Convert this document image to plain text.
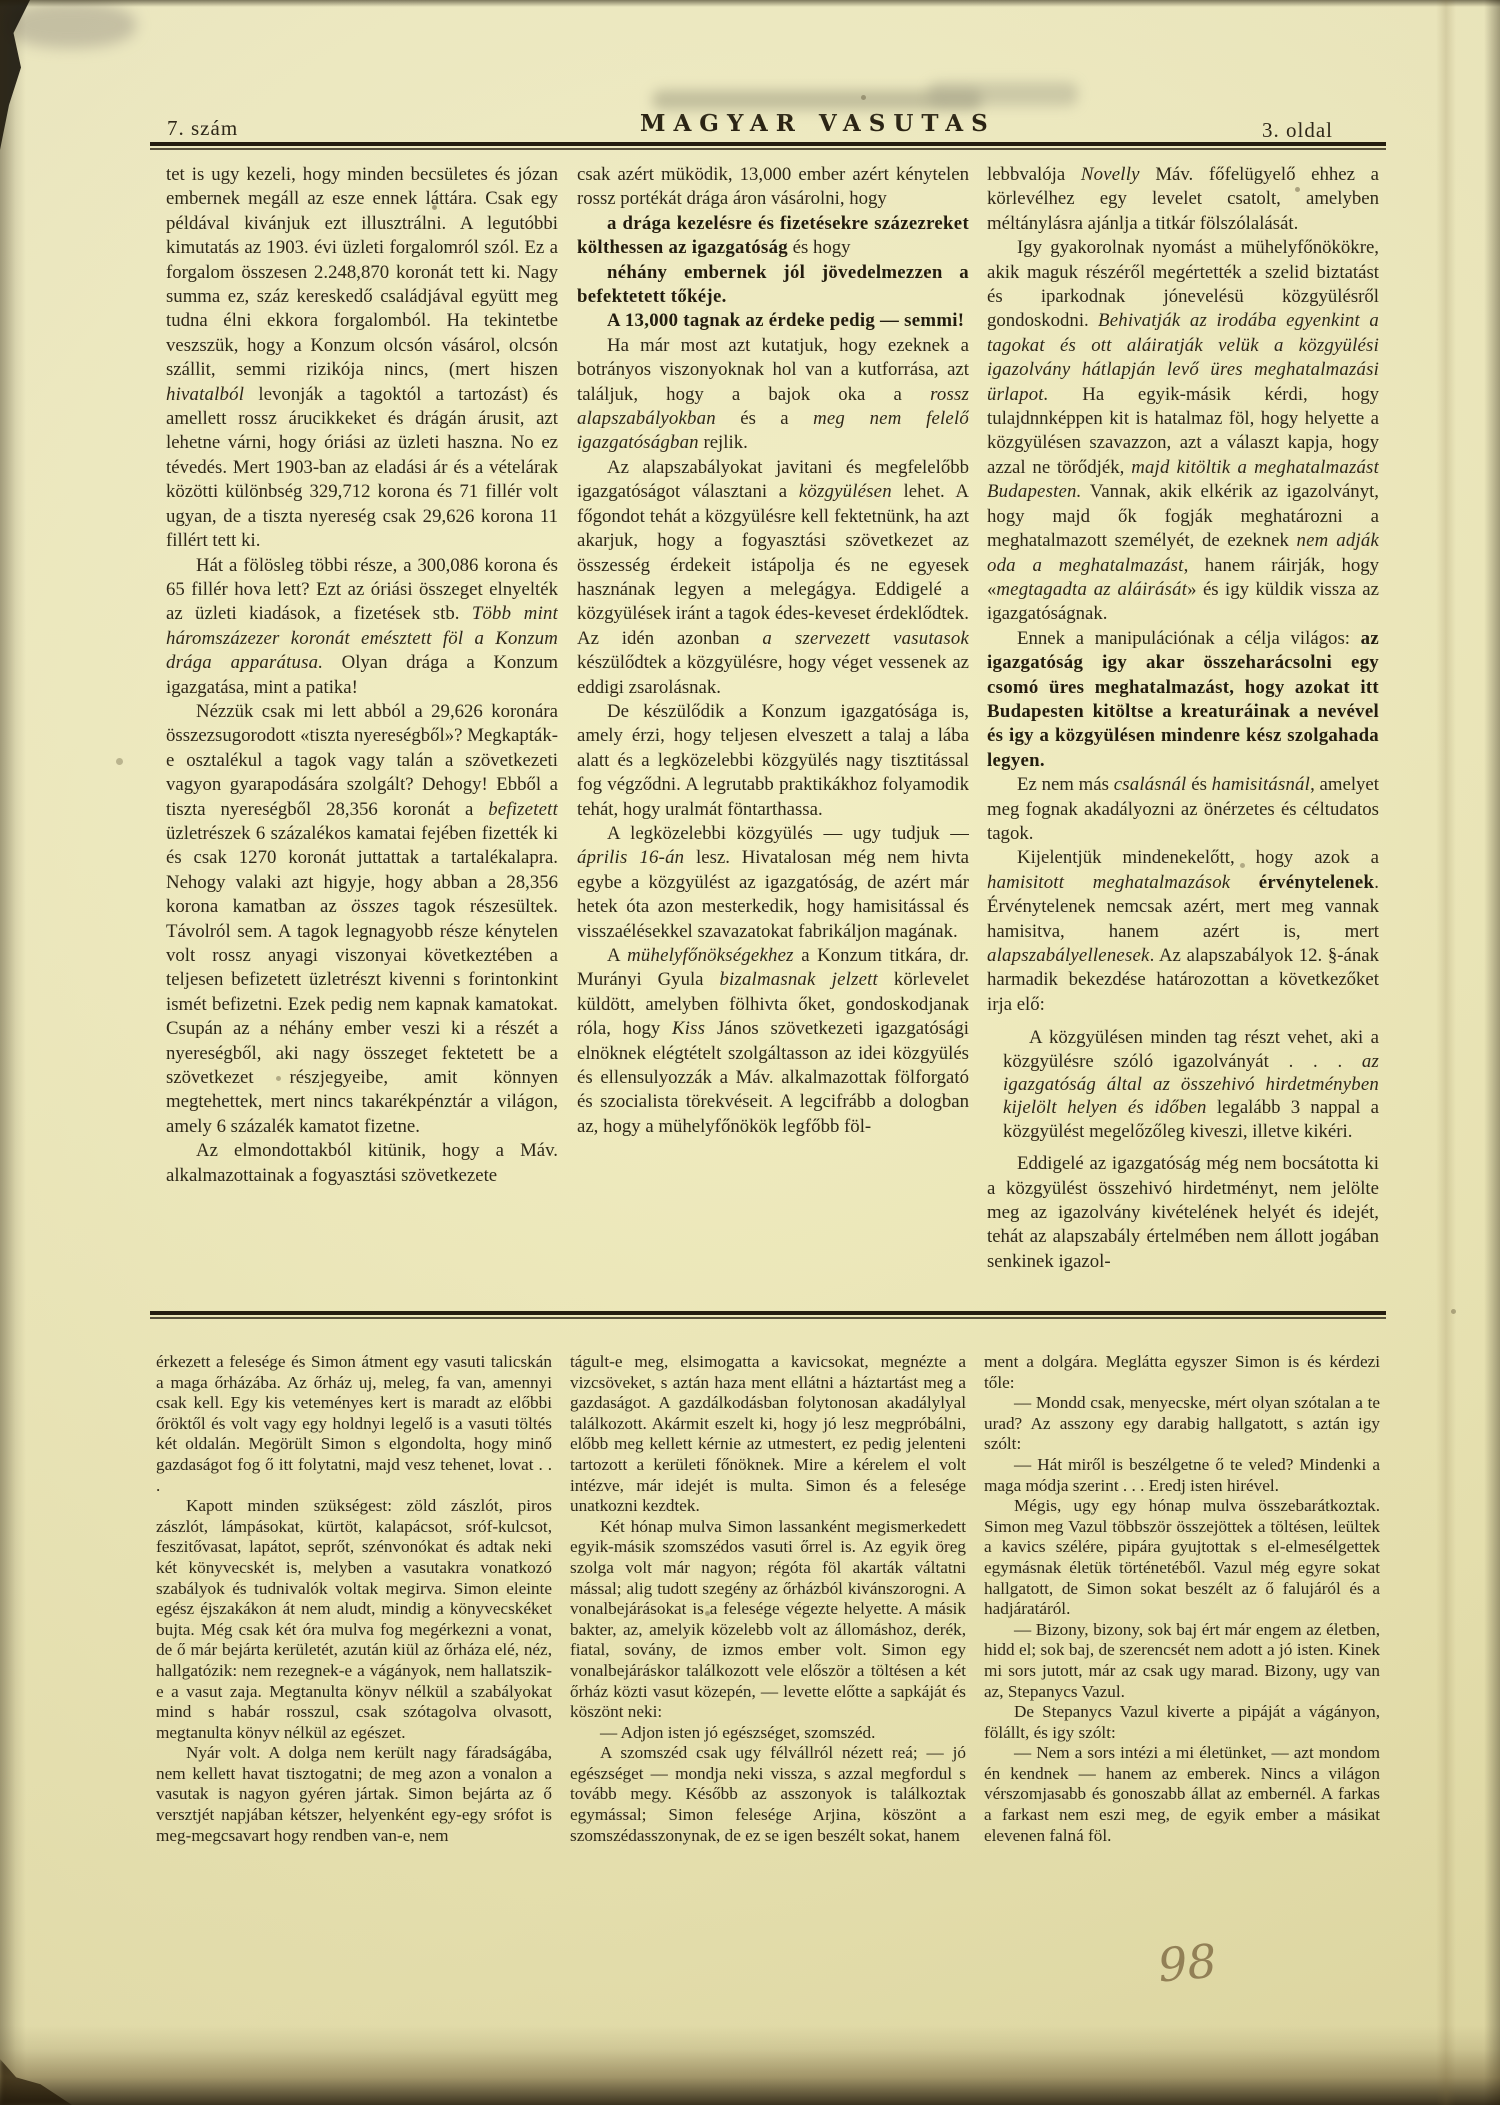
7. szám	MAGYAR VASUTAS	3. oldal

tet is ugy kezeli, hogy minden becsületes és józan embernek megáll az esze ennek láttára. Csak egy példával kivánjuk ezt illusztrálni. A legutóbbi kimutatás az 1903. évi üzleti forgalomról szól. Ez a forgalom összesen 2.248,870 koronát tett ki. Nagy summa ez, száz kereskedő családjával együtt meg tudna élni ekkora forgalomból. Ha tekintetbe veszszük, hogy a Konzum olcsón vásárol, olcsón szállit, semmi rizikója nincs, (mert hiszen hivatalból levonják a tagoktól a tartozást) és amellett rossz árucikkeket és drágán árusit, azt lehetne várni, hogy óriási az üzleti haszna. No ez tévedés. Mert 1903-ban az eladási ár és a vételárak közötti különbség 329,712 korona és 71 fillér volt ugyan, de a tiszta nyereség csak 29,626 korona 11 fillért tett ki.

Hát a fölösleg többi része, a 300,086 korona és 65 fillér hova lett? Ezt az óriási összeget elnyelték az üzleti kiadások, a fizetések stb. Több mint háromszázezer koronát emésztett föl a Konzum drága apparátusa. Olyan drága a Konzum igazgatása, mint a patika!

Nézzük csak mi lett abból a 29,626 koronára összezsugorodott «tiszta nyereségből»? Megkapták-e osztalékul a tagok vagy talán a szövetkezeti vagyon gyarapodására szolgált? Dehogy! Ebből a tiszta nyereségből 28,356 koronát a befizetett üzletrészek 6 százalékos kamatai fejében fizették ki és csak 1270 koronát juttattak a tartalékalapra. Nehogy valaki azt higyje, hogy abban a 28,356 korona kamatban az összes tagok részesültek. Távolról sem. A tagok legnagyobb része kénytelen volt rossz anyagi viszonyai következtében a teljesen befizetett üzletrészt kivenni s forintonkint ismét befizetni. Ezek pedig nem kapnak kamatokat. Csupán az a néhány ember veszi ki a részét a nyereségből, aki nagy összeget fektetett be a szövetkezet részjegyeibe, amit könnyen megtehettek, mert nincs takarékpénztár a világon, amely 6 százalék kamatot fizetne.

Az elmondottakból kitünik, hogy a Máv. alkalmazottainak a fogyasztási szövetkezete

csak azért müködik, 13,000 ember azért kénytelen rossz portékát drága áron vásárolni, hogy

a drága kezelésre és fizetésekre százezreket költhessen az igazgatóság és hogy

néhány embernek jól jövedelmezzen a befektetett tőkéje.

A 13,000 tagnak az érdeke pedig — semmi!

Ha már most azt kutatjuk, hogy ezeknek a botrányos viszonyoknak hol van a kutforrása, azt találjuk, hogy a bajok oka a rossz alapszabályokban és a meg nem felelő igazgatóságban rejlik.

Az alapszabályokat javitani és megfelelőbb igazgatóságot választani a közgyülésen lehet. A főgondot tehát a közgyülésre kell fektetnünk, ha azt akarjuk, hogy a fogyasztási szövetkezet az összesség érdekeit istápolja és ne egyesek hasznának legyen a melegágya. Eddigelé a közgyülések iránt a tagok édes-keveset érdeklődtek. Az idén azonban a szervezett vasutasok készülődtek a közgyülésre, hogy véget vessenek az eddigi zsarolásnak.

De készülődik a Konzum igazgatósága is, amely érzi, hogy teljesen elveszett a talaj a lába alatt és a legközelebbi közgyülés nagy tisztitással fog végződni. A legrutabb praktikákhoz folyamodik tehát, hogy uralmát föntarthassa.

A legközelebbi közgyülés — ugy tudjuk — április 16-án lesz. Hivatalosan még nem hivta egybe a közgyülést az igazgatóság, de azért már hetek óta azon mesterkedik, hogy hamisitással és visszaélésekkel szavazatokat fabrikáljon magának.

A mühelyfőnökségekhez a Konzum titkára, dr. Murányi Gyula bizalmasnak jelzett körlevelet küldött, amelyben fölhivta őket, gondoskodjanak róla, hogy Kiss János szövetkezeti igazgatósági elnöknek elégtételt szolgáltasson az idei közgyülés és ellensulyozzák a Máv. alkalmazottak fölforgató és szocialista törekvéseit. A legcifrább a dologban az, hogy a mühelyfőnökök legfőbb föl-

lebbvalója Novelly Máv. főfelügyelő ehhez a körlevélhez egy levelet csatolt, amelyben méltánylásra ajánlja a titkár fölszólalását.

Igy gyakorolnak nyomást a mühelyfőnökökre, akik maguk részéről megértették a szelid biztatást és iparkodnak jónevelésü közgyülésről gondoskodni. Behivatják az irodába egyenkint a tagokat és ott aláiratják velük a közgyülési igazolvány hátlapján levő üres meghatalmazási ürlapot. Ha egyik-másik kérdi, hogy tulajdnnképpen kit is hatalmaz föl, hogy helyette a közgyülésen szavazzon, azt a választ kapja, hogy azzal ne törődjék, majd kitöltik a meghatalmazást Budapesten. Vannak, akik elkérik az igazolványt, hogy majd ők fogják meghatározni a meghatalmazott személyét, de ezeknek nem adják oda a meghatalmazást, hanem ráirják, hogy «megtagadta az aláirását» és igy küldik vissza az igazgatóságnak.

Ennek a manipulációnak a célja világos: az igazgatóság igy akar összeharácsolni egy csomó üres meghatalmazást, hogy azokat itt Budapesten kitöltse a kreaturáinak a nevével és igy a közgyülésen mindenre kész szolgahada legyen.

Ez nem más csalásnál és hamisitásnál, amelyet meg fognak akadályozni az önérzetes és céltudatos tagok.

Kijelentjük mindenekelőtt, hogy azok a hamisitott meghatalmazások érvénytelenek. Érvénytelenek nemcsak azért, mert meg vannak hamisitva, hanem azért is, mert alapszabályellenesek. Az alapszabályok 12. §-ának harmadik bekezdése határozottan a következőket irja elő:

A közgyülésen minden tag részt vehet, aki a közgyülésre szóló igazolványát . . . az igazgatóság által az összehivó hirdetményben kijelölt helyen és időben legalább 3 nappal a közgyülést megelőzőleg kiveszi, illetve kikéri.

Eddigelé az igazgatóság még nem bocsátotta ki a közgyülést összehivó hirdetményt, nem jelölte meg az igazolvány kivételének helyét és idejét, tehát az alapszabály értelmében nem állott jogában senkinek igazol-

érkezett a felesége és Simon átment egy vasuti talicskán a maga őrházába. Az őrház uj, meleg, fa van, amennyi csak kell. Egy kis veteményes kert is maradt az előbbi őröktől és volt vagy egy holdnyi legelő is a vasuti töltés két oldalán. Megörült Simon s elgondolta, hogy minő gazdaságot fog ő itt folytatni, majd vesz tehenet, lovat . . .

Kapott minden szükségest: zöld zászlót, piros zászlót, lámpásokat, kürtöt, kalapácsot, sróf-kulcsot, feszitővasat, lapátot, seprőt, szénvonókat és adtak neki két könyvecskét is, melyben a vasutakra vonatkozó szabályok és tudnivalók voltak megirva. Simon eleinte egész éjszakákon át nem aludt, mindig a könyvecskéket bujta. Még csak két óra mulva fog megérkezni a vonat, de ő már bejárta kerületét, azután kiül az őrháza elé, néz, hallgatózik: nem rezegnek-e a vágányok, nem hallatszik-e a vasut zaja. Megtanulta könyv nélkül a szabályokat mind s habár rosszul, csak szótagolva olvasott, megtanulta könyv nélkül az egészet.

Nyár volt. A dolga nem került nagy fáradságába, nem kellett havat tisztogatni; de meg azon a vonalon a vasutak is nagyon gyéren jártak. Simon bejárta az ő versztjét napjában kétszer, helyenként egy-egy srófot is meg-megcsavart hogy rendben van-e, nem

tágult-e meg, elsimogatta a kavicsokat, megnézte a vizcsöveket, s aztán haza ment ellátni a háztartást meg a gazdaságot. A gazdálkodásban folytonosan akadálylyal találkozott. Akármit eszelt ki, hogy jó lesz megpróbálni, előbb meg kellett kérnie az utmestert, ez pedig jelenteni tartozott a kerületi főnöknek. Mire a kérelem el volt intézve, már idejét is multa. Simon és a felesége unatkozni kezdtek.

Két hónap mulva Simon lassanként megismerkedett egyik-másik szomszédos vasuti őrrel is. Az egyik öreg szolga volt már nagyon; régóta föl akarták váltatni mással; alig tudott szegény az őrházból kivánszorogni. A vonalbejárásokat is a felesége végezte helyette. A másik bakter, az, amelyik közelebb volt az állomáshoz, derék, fiatal, sovány, de izmos ember volt. Simon egy vonalbejáráskor találkozott vele először a töltésen a két őrház közti vasut közepén, — levette előtte a sapkáját és köszönt neki:

— Adjon isten jó egészséget, szomszéd.

A szomszéd csak ugy félvállról nézett reá; — jó egészséget — mondja neki vissza, s azzal megfordul s tovább megy. Később az asszonyok is találkoztak egymással; Simon felesége Arjina, köszönt a szomszédasszonynak, de ez se igen beszélt sokat, hanem

ment a dolgára. Meglátta egyszer Simon is és kérdezi tőle:

— Mondd csak, menyecske, mért olyan szótalan a te urad? Az asszony egy darabig hallgatott, s aztán igy szólt:

— Hát miről is beszélgetne ő te veled? Mindenki a maga módja szerint . . . Eredj isten hirével.

Mégis, ugy egy hónap mulva összebarátkoztak. Simon meg Vazul többször összejöttek a töltésen, leültek a kavics szélére, pipára gyujtottak s el-elmesélgettek egymásnak életük történetéből. Vazul még egyre sokat hallgatott, de Simon sokat beszélt az ő falujáról és a hadjáratáról.

— Bizony, bizony, sok baj ért már engem az életben, hidd el; sok baj, de szerencsét nem adott a jó isten. Kinek mi sors jutott, már az csak ugy marad. Bizony, ugy van az, Stepanycs Vazul.

De Stepanycs Vazul kiverte a pipáját a vágányon, fölállt, és igy szólt:

— Nem a sors intézi a mi életünket, — azt mondom én kendnek — hanem az emberek. Nincs a világon vérszomjasabb és gonoszabb állat az embernél. A farkas a farkast nem eszi meg, de egyik ember a másikat elevenen falná föl.

98
